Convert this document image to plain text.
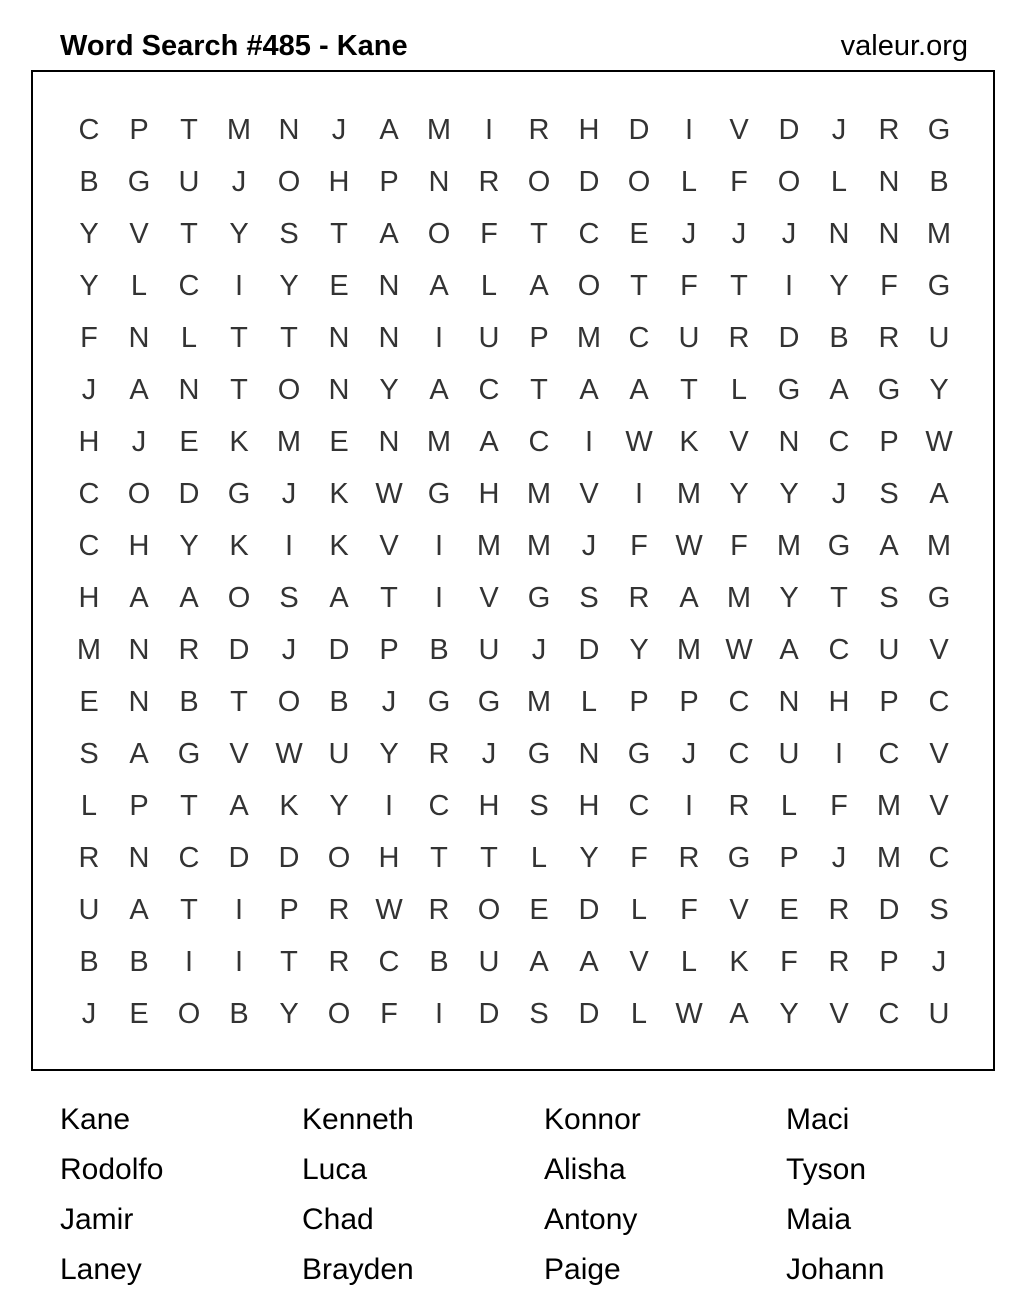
Word Search #485 - Kane	valeur.org
C	P	T	M N	J	A M	I	R	H	D	I	V	D	J	R G
B	G U	J	O H	P	N	R O D O	L	F	O	L	N	B
Y	V	T	Y	S	T	A	O	F	T	C	E	J	J	J	N	N M
Y	L	C	I	Y	E	N	A	L	A	O	T	F	T	I	Y	F	G
F	N	L	T	T	N	N	I	U	P M C	U	R	D	B	R	U
J	A	N	T	O N	Y	A	C	T	A	A	T	L	G	A	G	Y
H	J	E	K M E	N M A	C	I	W K	V	N	C	P W
C O D G	J	K W G H M V	I	M Y	Y	J	S	A
C	H	Y	K	I	K	V	I	M M	J	F W F	M G	A M
H	A	A	O	S	A	T	I	V	G	S	R	A M Y	T	S	G
M N	R	D	J	D	P	B	U	J	D	Y M W A	C	U	V
E	N	B	T	O	B	J	G G M	L	P	P	C	N	H	P	C
S	A	G	V W U	Y	R	J	G N G	J	C	U	I	C	V
L	P	T	A	K	Y	I	C	H	S	H	C	I	R	L	F	M V
R	N	C	D	D O H	T	T	L	Y	F	R G	P	J	M C
U	A	T	I	P	R W R O	E	D	L	F	V	E	R	D	S
B	B	I	I	T	R	C	B	U	A	A	V	L	K	F	R	P	J
J	E	O	B	Y	O	F	I	D	S	D	L W A	Y	V	C	U
Kane	Kenneth	Konnor	Maci
Rodolfo	Luca	Alisha	Tyson
Jamir	Chad	Antony	Maia
Laney	Brayden	Paige	Johann
